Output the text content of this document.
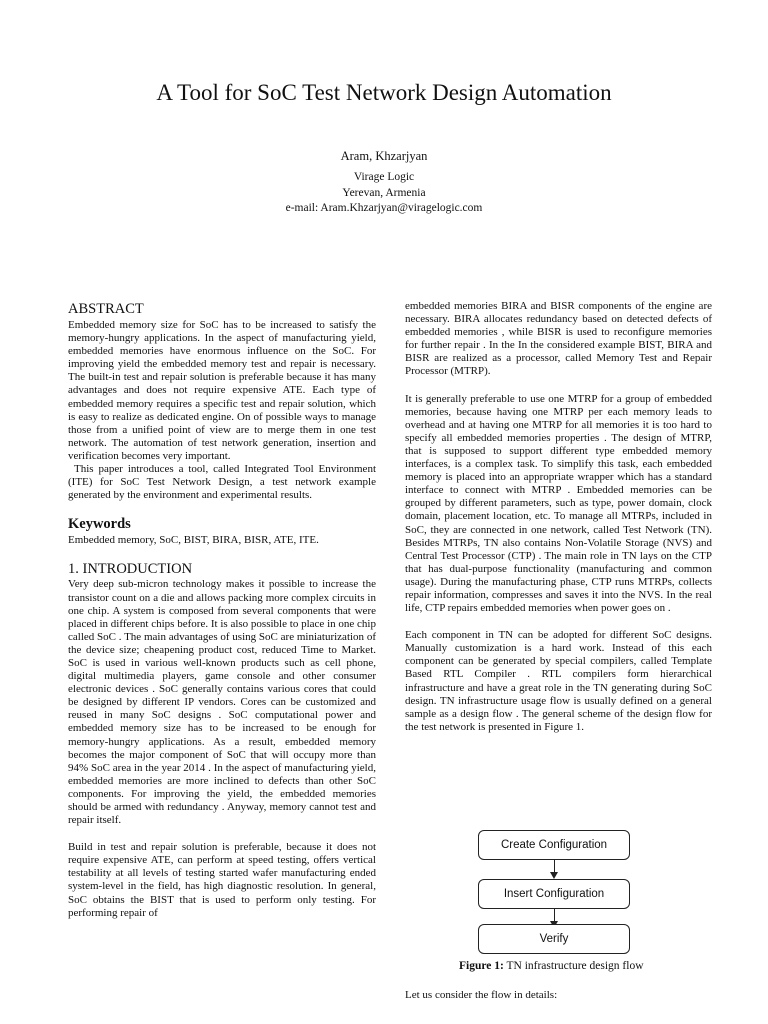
A Tool for SoC Test Network Design Automation
Aram, Khzarjyan
Virage Logic
Yerevan, Armenia
e-mail: Aram.Khzarjyan@viragelogic.com
ABSTRACT

Embedded memory size for SoC has to be increased to satisfy the memory-hungry applications. In the aspect of manufacturing yield, embedded memories have enormous influence on the SoC. For improving yield the embedded memory test and repair is necessary. The built-in test and repair solution is preferable because it has many advantages and does not require expensive ATE. Each type of embedded memory requires a specific test and repair solution, which is easy to realize as dedicated engine. On of possible ways to manage those from a unified point of view are to merge them in one test network. The automation of test network generation, insertion and verification becomes very important.

This paper introduces a tool, called Integrated Tool Environment (ITE) for SoC Test Network Design, a test network example generated by the environment and experimental results.

Keywords

Embedded memory, SoC, BIST, BIRA, BISR, ATE, ITE.

1. INTRODUCTION

Very deep sub-micron technology makes it possible to increase the transistor count on a die and allows packing more complex circuits in one chip. A system is composed from several components that were placed in different chips before. It is also possible to place in one chip called SoC . The main advantages of using SoC are miniaturization of the device size; cheapening product cost, reduced Time to Market. SoC is used in various well-known products such as cell phone, digital multimedia players, game console and other consumer electronic devices . SoC generally contains various cores that could be designed by different IP vendors. Cores can be customized and reused in many SoC designs . SoC computational power and embedded memory size has to be increased to be enough for memory-hungry applications. As a result, embedded memory becomes the major component of SoC that will occupy more than 94% SoC area in the year 2014 . In the aspect of manufacturing yield, embedded memories are more inclined to defects than other SoC components. For improving the yield, the embedded memories should be armed with redundancy . Anyway, memory cannot test and repair itself.

Build in test and repair solution is preferable, because it does not require expensive ATE, can perform at speed testing, offers vertical testability at all levels of testing started wafer manufacturing ended system-level in the field, has high diagnostic resolution. In general, SoC obtains the BIST that is used to perform only testing. For performing repair of

embedded memories BIRA and BISR components of the engine are necessary. BIRA allocates redundancy based on detected defects of embedded memories , while BISR is used to reconfigure memories for further repair . In the In the considered example BIST, BIRA and BISR are realized as a processor, called Memory Test and Repair Processor (MTRP).

It is generally preferable to use one MTRP for a group of embedded memories, because having one MTRP per each memory leads to overhead and at having one MTRP for all memories it is too hard to specify all embedded memories properties . The design of MTRP, that is supposed to support different type embedded memory interfaces, is a complex task. To simplify this task, each embedded memory is placed into an appropriate wrapper which has a standard interface to connect with MTRP . Embedded memories can be grouped by different parameters, such as type, power domain, clock domain, placement location, etc. To manage all MTRPs, included in SoC, they are connected in one network, called Test Network (TN). Besides MTRPs, TN also contains Non-Volatile Storage (NVS) and Central Test Processor (CTP) . The main role in TN lays on the CTP that has dual-purpose functionality (manufacturing and common usage). During the manufacturing phase, CTP runs MTRPs, collects repair information, compresses and saves it into the NVS. In the real life, CTP repairs embedded memories when power goes on .

Each component in TN can be adopted for different SoC designs. Manually customization is a hard work. Instead of this each component can be generated by special compilers, called Template Based RTL Compiler . RTL compilers form hierarchical infrastructure and have a great role in the TN generating during SoC design. TN infrastructure usage flow is usually defined on a general sample as a design flow . The general scheme of the design flow for the test network is presented in Figure 1.

Create Configuration
Insert Configuration
Verify
Figure 1: TN infrastructure design flow
Let us consider the flow in details:
